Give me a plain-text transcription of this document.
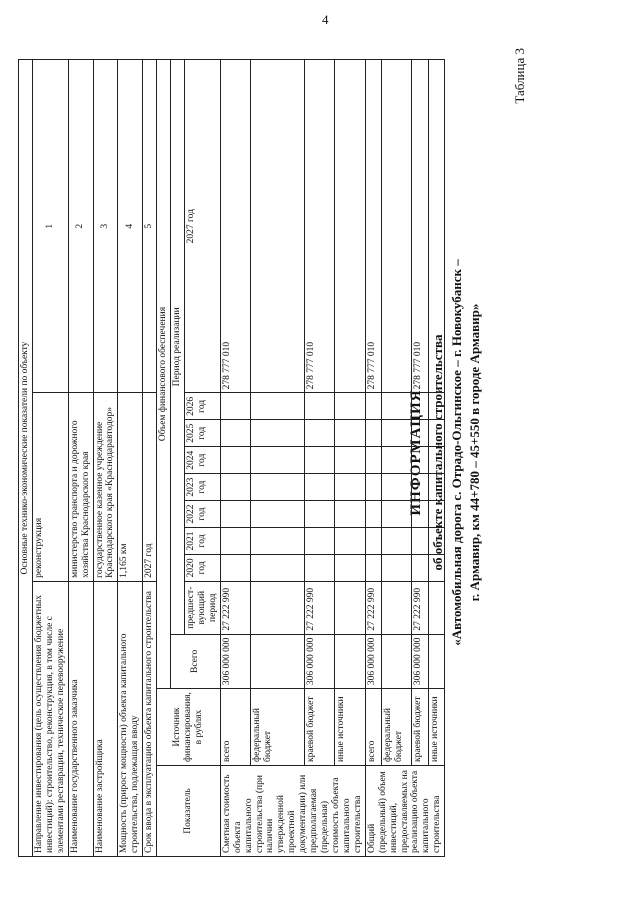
4
Таблица 3
ИНФОРМАЦИЯ об объекте капитального строительства «Автомобильная дорога с. Отрадо-Ольгинское – г. Новокубанск – г. Армавир, км 44+780 – 45+550 в городе Армавир»
Основные технико-экономические показатели по объекту											
Направление инвестирования (цель осуществления бюджетных инвестиций): строительство, реконструкция, в том числе с элементами реставрации, техническое перевооружение				реконструкция							1
Наименование государственного заказчика				министерство транспорта и дорожного хозяйства Краснодарского края							2
Наименование застройщика				государственное казенное учреждение Краснодарского края «Краснодаравтодор»							3
Мощность (прирост мощности) объекта капитального строительства, подлежащая вводу				1,165 км							4
Срок ввода в эксплуатацию объекта капитального строительства				2027 год							5
Показатель	Источник финансирования, в рублях	Объем финансового обеспечения									
		Всего	Период реализации								
			предшест-вующий период	2020 год	2021 год	2022 год	2023 год	2024 год	2025 год	2026 год	2027 год
Сметная стоимость объекта капитального строительства (при наличии утвержденной проектной документации) или предполагаемая (предельная) стоимость объекта капитального строительства	всего	306 000 000	27 222 990								278 777 010
	федеральный бюджет										
	краевой бюджет	306 000 000	27 222 990								278 777 010
	иные источники										
Общий (предельный) объем инвестиций, предоставляемых на реализацию объекта капитального строительства	всего	306 000 000	27 222 990								278 777 010
	федеральный бюджет										
	краевой бюджет	306 000 000	27 222 990								278 777 010
	иные источники										
